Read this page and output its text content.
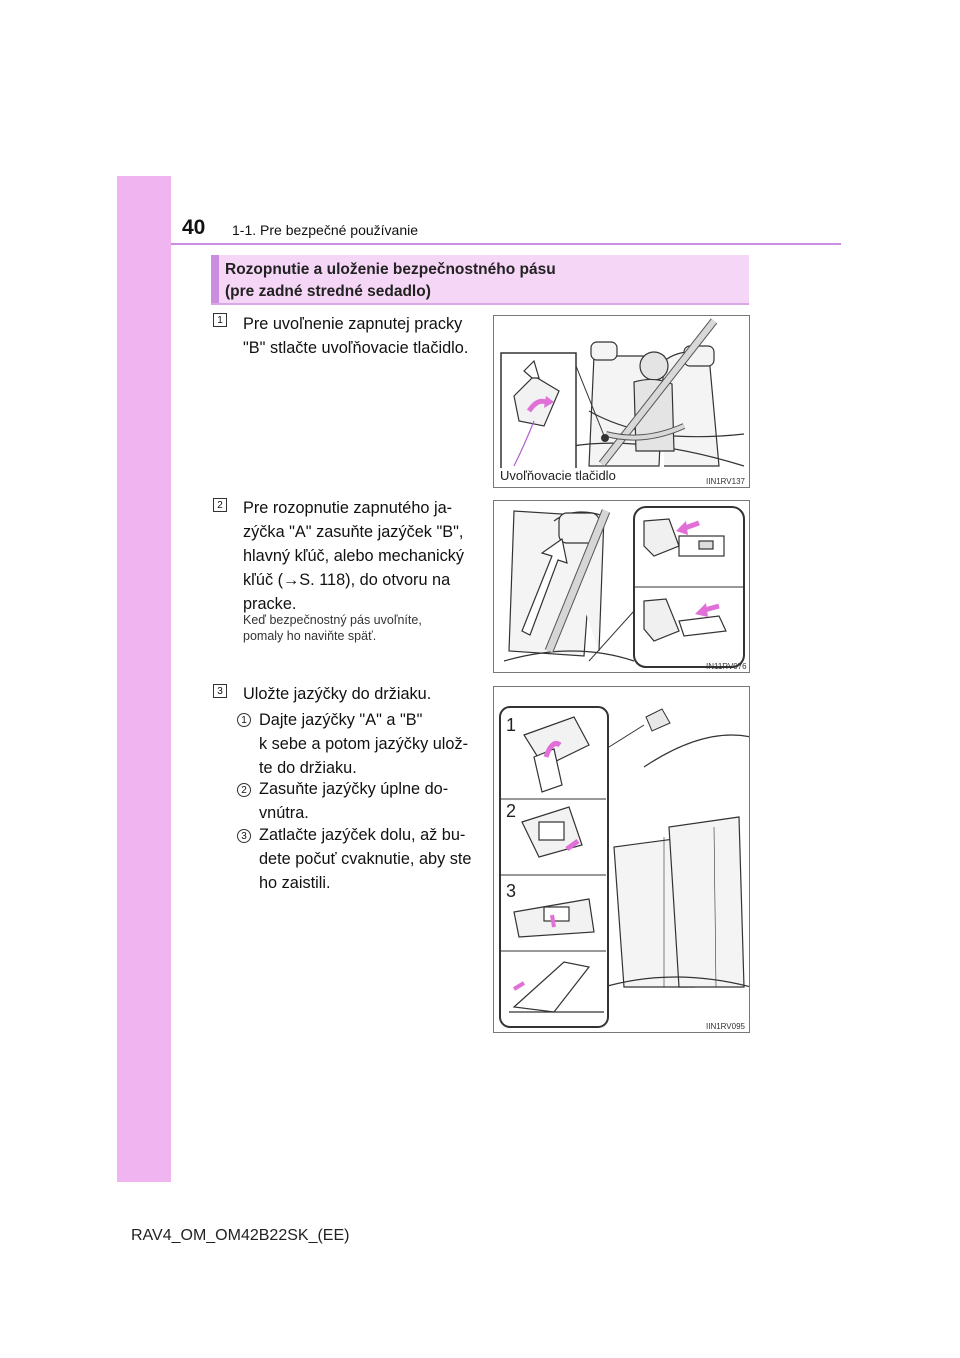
40 1-1. Pre bezpečné používanie
Rozopnutie a uloženie bezpečnostného pásu
(pre zadné stredné sedadlo)
1 Pre uvoľnenie zapnutej pracky
"B" stlačte uvoľňovacie tlačidlo.
Uvoľňovacie tlačidlo	IIN1RV137
2 Pre rozopnutie zapnutého ja-
zýčka "A" zasuňte jazýček "B",
hlavný kľúč, alebo mechanický
kľúč (→S. 118), do otvoru na
pracke.
Keď bezpečnostný pás uvoľníte,
pomaly ho naviňte späť.
IN11RV076
3 Uložte jazýčky do držiaku.
1 Dajte jazýčky "A" a "B"
k sebe a potom jazýčky ulož-
te do držiaku.
2 Zasuňte jazýčky úplne do-
vnútra.
3 Zatlačte jazýček dolu, až bu-
dete počuť cvaknutie, aby ste
ho zaistili.
1
2
3
IIN1RV095
RAV4_OM_OM42B22SK_(EE)
